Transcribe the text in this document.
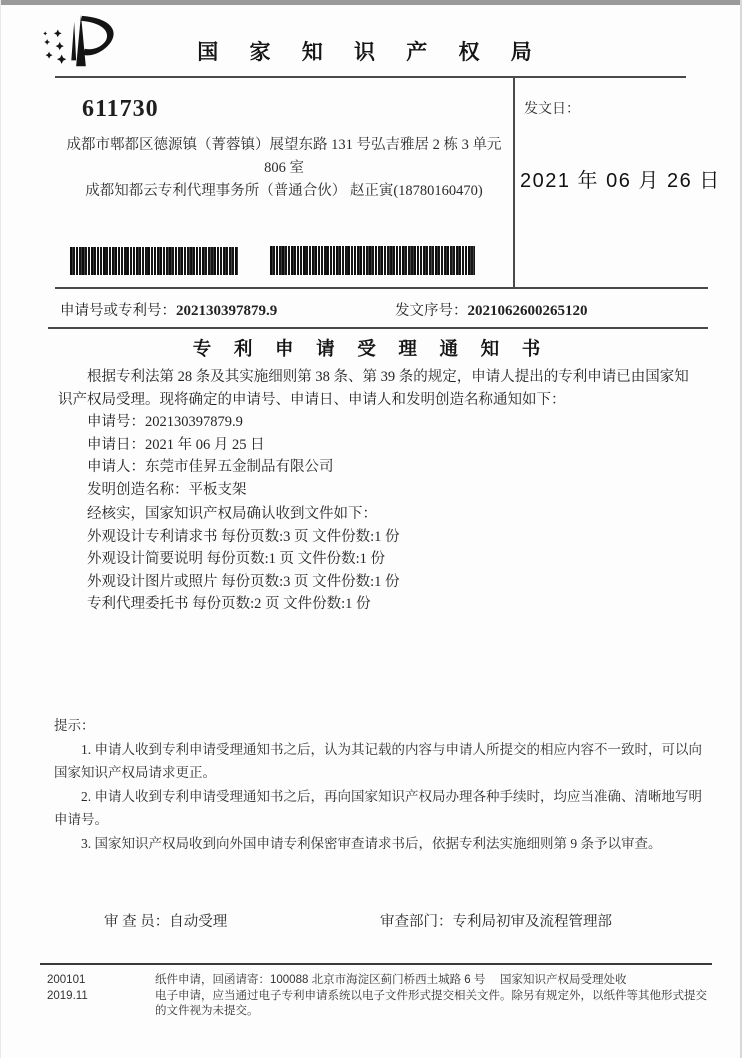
国 家 知 识 产 权 局
611730
成都市郫都区德源镇（菁蓉镇）展望东路 131 号弘吉雅居 2 栋 3 单元
806 室
成都知都云专利代理事务所（普通合伙） 赵正寅(18780160470)
发文日：
2021 年 06 月 26 日
申请号或专利号：202130397879.9	发文序号：2021062600265120
专 利 申 请 受 理 通 知 书

根据专利法第 28 条及其实施细则第 38 条、第 39 条的规定，申请人提出的专利申请已由国家知识产权局受理。现将确定的申请号、申请日、申请人和发明创造名称通知如下：

申请号：202130397879.9

申请日：2021 年 06 月 25 日

申请人：东莞市佳昇五金制品有限公司

发明创造名称：平板支架

经核实，国家知识产权局确认收到文件如下：

外观设计专利请求书 每份页数:3 页 文件份数:1 份

外观设计简要说明 每份页数:1 页 文件份数:1 份

外观设计图片或照片 每份页数:3 页 文件份数:1 份

专利代理委托书 每份页数:2 页 文件份数:1 份

提示：

1. 申请人收到专利申请受理通知书之后，认为其记载的内容与申请人所提交的相应内容不一致时，可以向国家知识产权局请求更正。

2. 申请人收到专利申请受理通知书之后，再向国家知识产权局办理各种手续时，均应当准确、清晰地写明申请号。

3. 国家知识产权局收到向外国申请专利保密审查请求书后，依据专利法实施细则第 9 条予以审查。

审 查 员：自动受理	审查部门：专利局初审及流程管理部
200101	纸件申请，回函请寄：100088 北京市海淀区蓟门桥西土城路 6 号　 国家知识产权局受理处收
2019.11	电子申请，应当通过电子专利申请系统以电子文件形式提交相关文件。除另有规定外，以纸件等其他形式提交的文件视为未提交。
